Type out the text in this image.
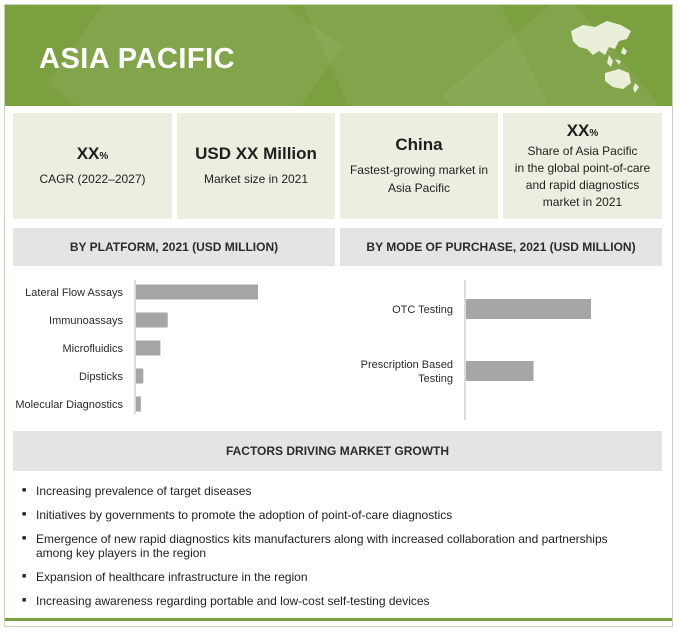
ASIA PACIFIC
XX%
CAGR (2022–2027)
USD XX Million
Market size in 2021
China
Fastest-growing market in
Asia Pacific
XX%
Share of Asia Pacific
in the global point-of-care
and rapid diagnostics
market in 2021
BY PLATFORM, 2021 (USD MILLION)	BY MODE OF PURCHASE, 2021 (USD MILLION)
Lateral Flow Assays
Immunoassays
Microfluidics
Dipsticks
Molecular Diagnostics
OTC Testing
Prescription Based Testing
FACTORS DRIVING MARKET GROWTH
■ Increasing prevalence of target diseases
■ Initiatives by governments to promote the adoption of point-of-care diagnostics
■ Emergence of new rapid diagnostics kits manufacturers along with increased collaboration and partnerships among key players in the region
■ Expansion of healthcare infrastructure in the region
■ Increasing awareness regarding portable and low-cost self-testing devices
